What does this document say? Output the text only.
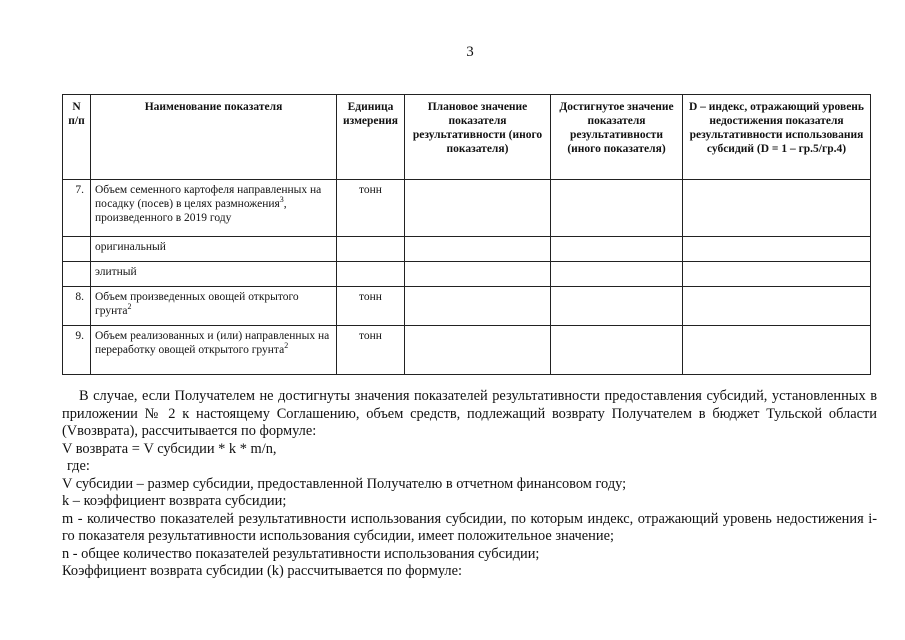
3
N п/п	Наименование показателя	Единица измерения	Плановое значение показателя результативности (иного показателя)	Достигнутое значение показателя результативности (иного показателя)	D – индекс, отражающий уровень недостижения показателя результативности использования субсидий (D = 1 – гр.5/гр.4)
7.	Объем семенного картофеля направленных на посадку (посев) в целях размножения$^3$, произведенного в 2019 году	тонн			
	оригинальный				
	элитный				
8.	Объем произведенных овощей открытого грунта$^2$	тонн			
9.	Объем реализованных и (или) направленных на переработку овощей открытого грунта$^2$	тонн			

В случае, если Получателем не достигнуты значения показателей результативности предоставления субсидий, установленных в приложении № 2 к настоящему Соглашению, объем средств, подлежащий возврату Получателем в бюджет Тульской области (Vвозврата), рассчитывается по формуле:

V возврата = V субсидии * k * m/n,

где:

V субсидии – размер субсидии, предоставленной Получателю в отчетном финансовом году;

k – коэффициент возврата субсидии;

m - количество показателей результативности использования субсидии, по которым индекс, отражающий уровень недостижения i-го показателя результативности использования субсидии, имеет положительное значение;

n - общее количество показателей результативности использования субсидии;

Коэффициент возврата субсидии (k) рассчитывается по формуле:
